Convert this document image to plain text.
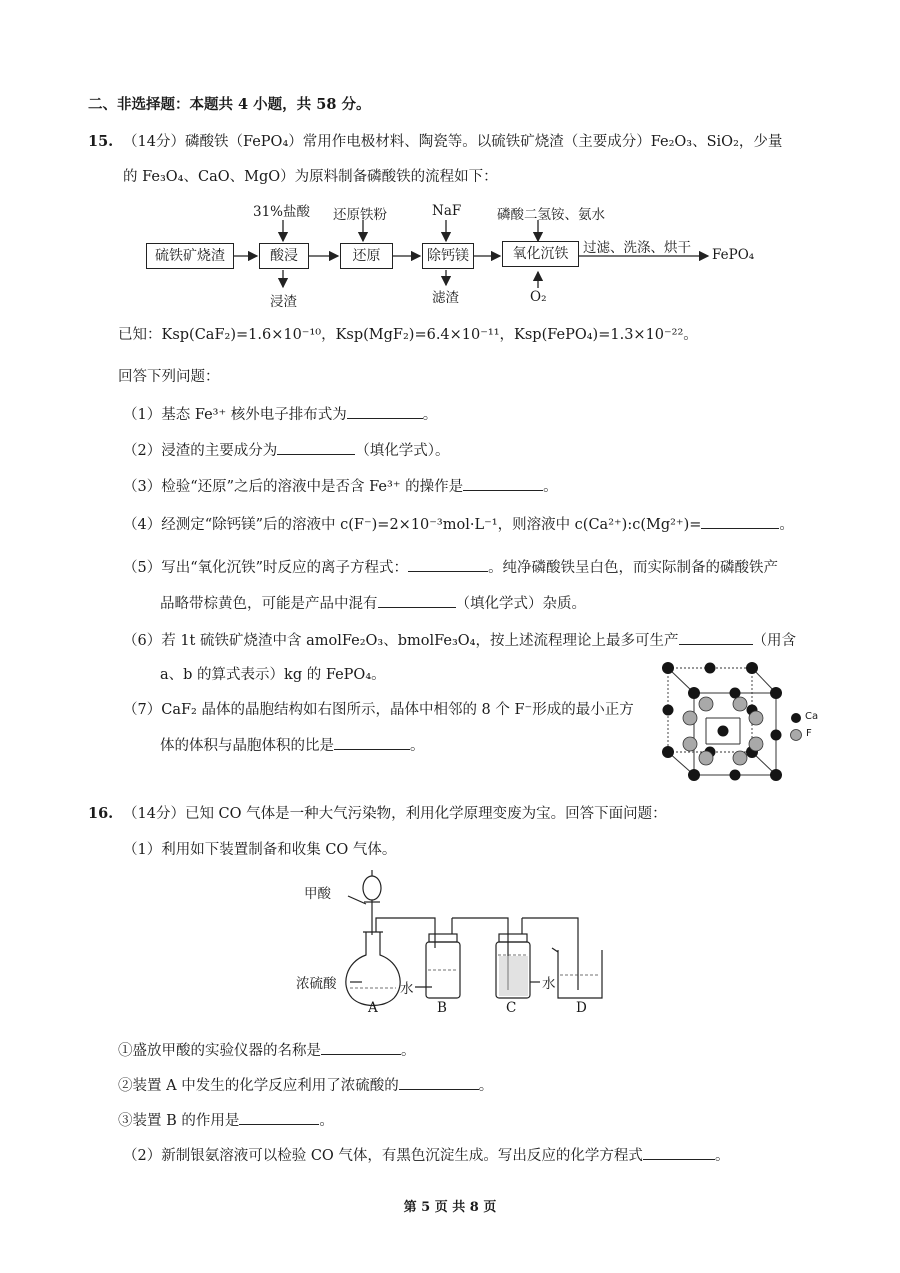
二、非选择题：本题共 4 小题，共 58 分。
15. （14分）磷酸铁（FePO₄）常用作电极材料、陶瓷等。以硫铁矿烧渣（主要成分）Fe₂O₃、SiO₂，少量
的 Fe₃O₄、CaO、MgO）为原料制备磷酸铁的流程如下：
硫铁矿烧渣	酸浸	还原	除钙镁	氧化沉铁
31%盐酸 还原铁粉	NaF	磷酸二氢铵、氨水
O₂
浸渣	滤渣
过滤、洗涤、烘干 FePO₄
已知：Ksp(CaF₂)=1.6×10⁻¹⁰，Ksp(MgF₂)=6.4×10⁻¹¹，Ksp(FePO₄)=1.3×10⁻²²。
回答下列问题：
（1）基态 Fe³⁺ 核外电子排布式为	。
（2）浸渣的主要成分为	（填化学式）。
（3）检验“还原”之后的溶液中是否含 Fe³⁺ 的操作是	。
（4）经测定“除钙镁”后的溶液中 c(F⁻)=2×10⁻³mol·L⁻¹，则溶液中 c(Ca²⁺):c(Mg²⁺)=	。
（5）写出“氧化沉铁”时反应的离子方程式：	。纯净磷酸铁呈白色，而实际制备的磷酸铁产
品略带棕黄色，可能是产品中混有	（填化学式）杂质。
（6）若 1t 硫铁矿烧渣中含 amolFe₂O₃、bmolFe₃O₄，按上述流程理论上最多可生产	（用含
a、b 的算式表示）kg 的 FePO₄。
（7）CaF₂ 晶体的晶胞结构如右图所示，晶体中相邻的 8 个 F⁻形成的最小正方
体的体积与晶胞体积的比是	。
Ca
F
16. （14分）已知 CO 气体是一种大气污染物，利用化学原理变废为宝。回答下面问题：
（1）利用如下装置制备和收集 CO 气体。
甲酸
浓硫酸	水	水
A	B	C	D
①盛放甲酸的实验仪器的名称是	。
②装置 A 中发生的化学反应利用了浓硫酸的	。
③装置 B 的作用是	。
（2）新制银氨溶液可以检验 CO 气体，有黑色沉淀生成。写出反应的化学方程式	。
第 5 页 共 8 页
